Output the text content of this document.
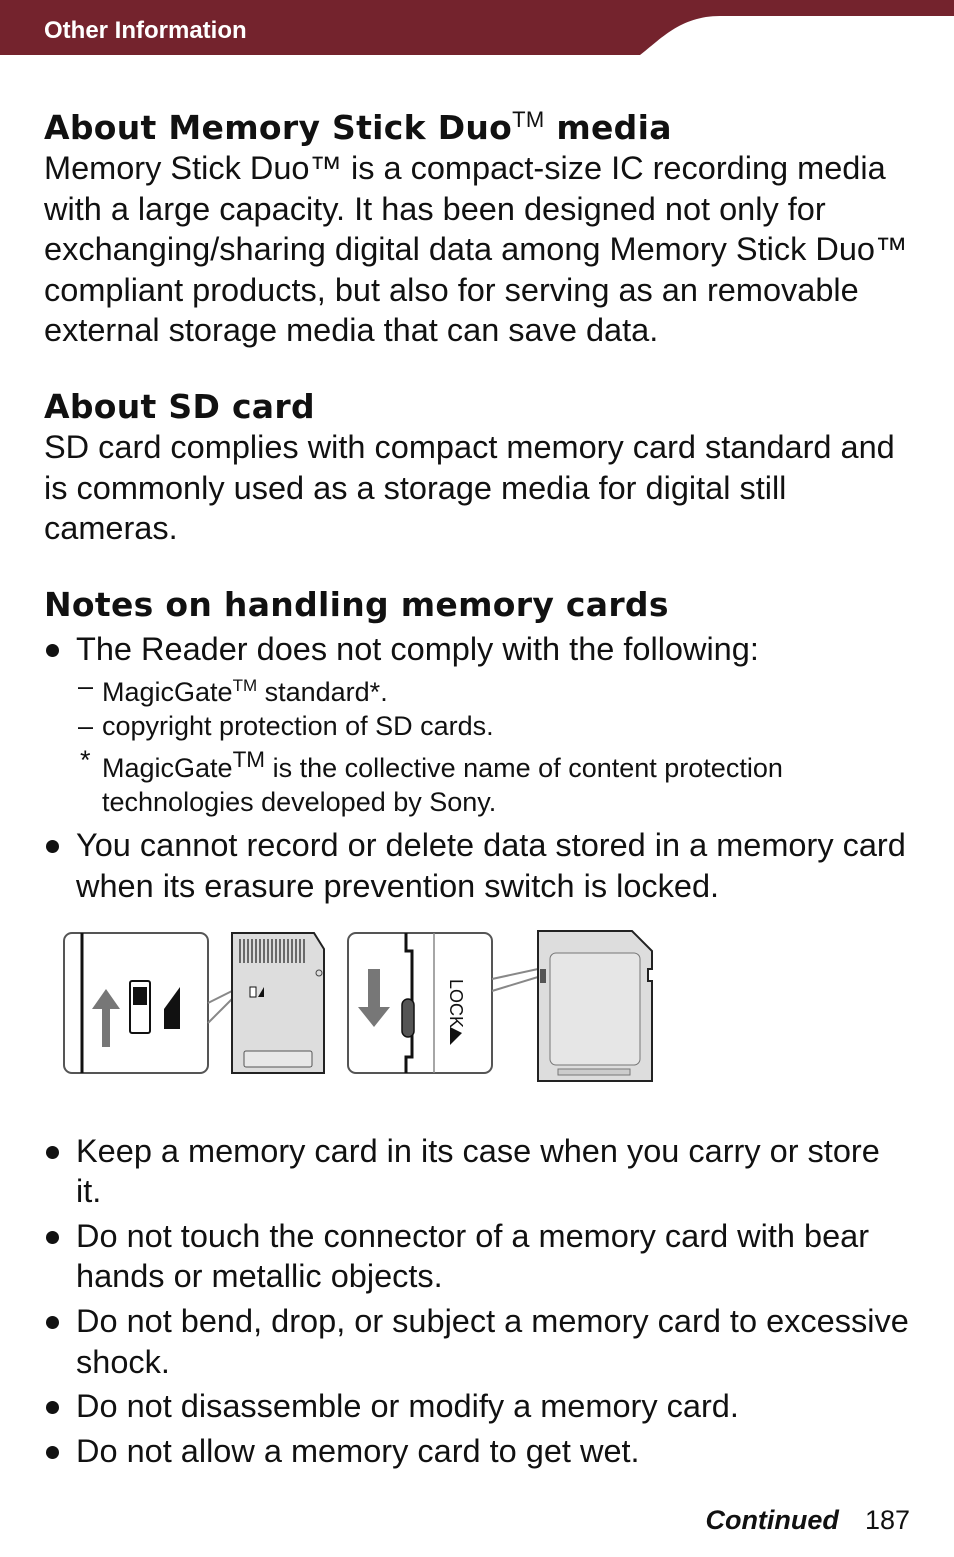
Other Information
About Memory Stick Duo™ media

Memory Stick Duo™ is a compact-size IC recording media with a large capacity. It has been designed not only for exchanging/sharing digital data among Memory Stick Duo™ compliant products, but also for serving as an removable external storage media that can save data.

About SD card

SD card complies with compact memory card standard and is commonly used as a storage media for digital still cameras.

Notes on handling memory cards
The Reader does not comply with the following:
– MagicGate™ standard*.
– copyright protection of SD cards.
* MagicGate™ is the collective name of content protection technologies developed by Sony.
You cannot record or delete data stored in a memory card when its erasure prevention switch is locked.
LOCK
Keep a memory card in its case when you carry or store it.
Do not touch the connector of a memory card with bear hands or metallic objects.
Do not bend, drop, or subject a memory card to excessive shock.
Do not disassemble or modify a memory card.
Do not allow a memory card to get wet.
Continued 187
